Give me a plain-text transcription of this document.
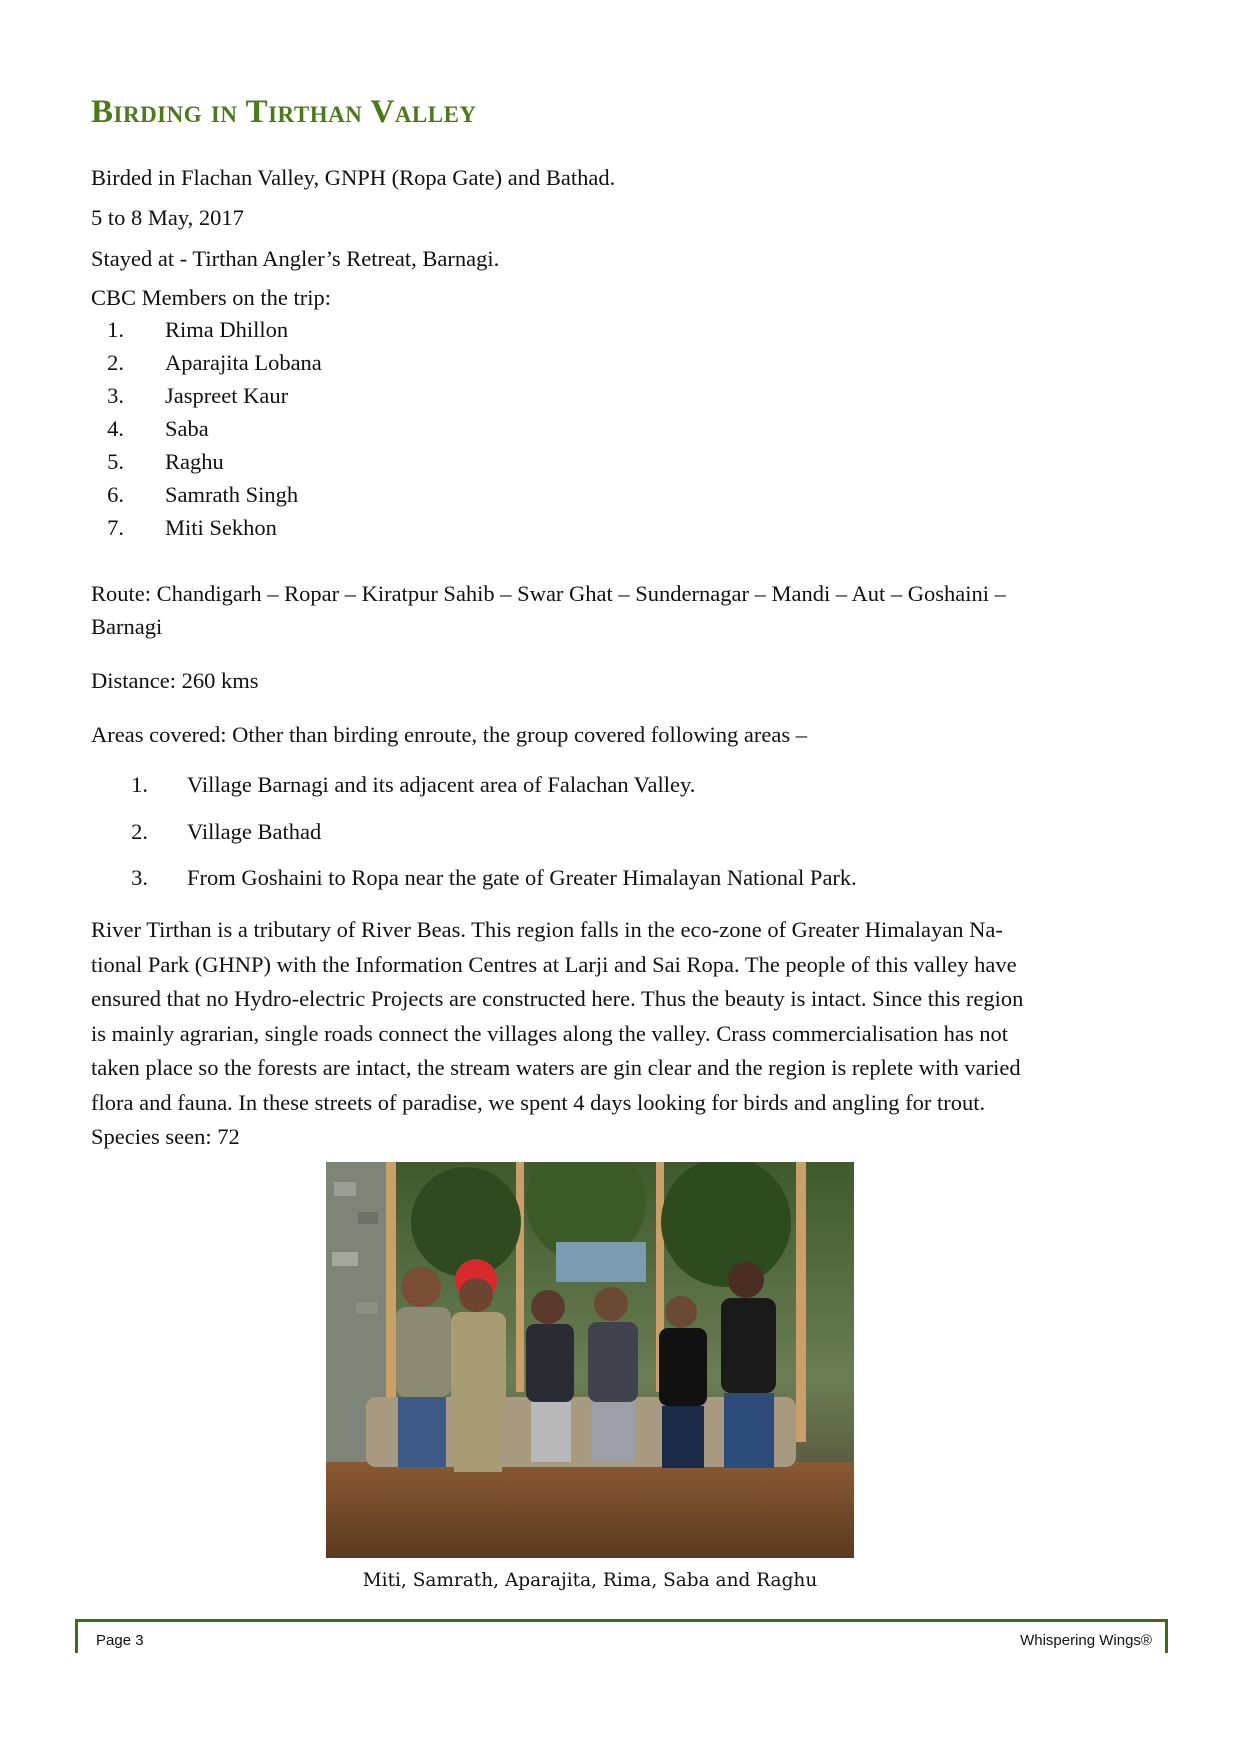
Birding in Tirthan Valley
Birded in Flachan Valley, GNPH (Ropa Gate) and Bathad.
5 to 8 May, 2017
Stayed at - Tirthan Angler’s Retreat, Barnagi.
CBC Members on the trip:
1. Rima Dhillon
2. Aparajita Lobana
3. Jaspreet Kaur
4. Saba
5. Raghu
6. Samrath Singh
7. Miti Sekhon
Route: Chandigarh – Ropar – Kiratpur Sahib – Swar Ghat – Sundernagar – Mandi – Aut – Goshaini –
Barnagi
Distance: 260 kms
Areas covered: Other than birding enroute, the group covered following areas –
1. Village Barnagi and its adjacent area of Falachan Valley.
2. Village Bathad
3. From Goshaini to Ropa near the gate of Greater Himalayan National Park.
River Tirthan is a tributary of River Beas. This region falls in the eco-zone of Greater Himalayan Na-
tional Park (GHNP) with the Information Centres at Larji and Sai Ropa. The people of this valley have
ensured that no Hydro-electric Projects are constructed here. Thus the beauty is intact. Since this region
is mainly agrarian, single roads connect the villages along the valley. Crass commercialisation has not
taken place so the forests are intact, the stream waters are gin clear and the region is replete with varied
flora and fauna. In these streets of paradise, we spent 4 days looking for birds and angling for trout.
Species seen: 72
Miti, Samrath, Aparajita, Rima, Saba and Raghu
Page 3	Whispering Wings®
